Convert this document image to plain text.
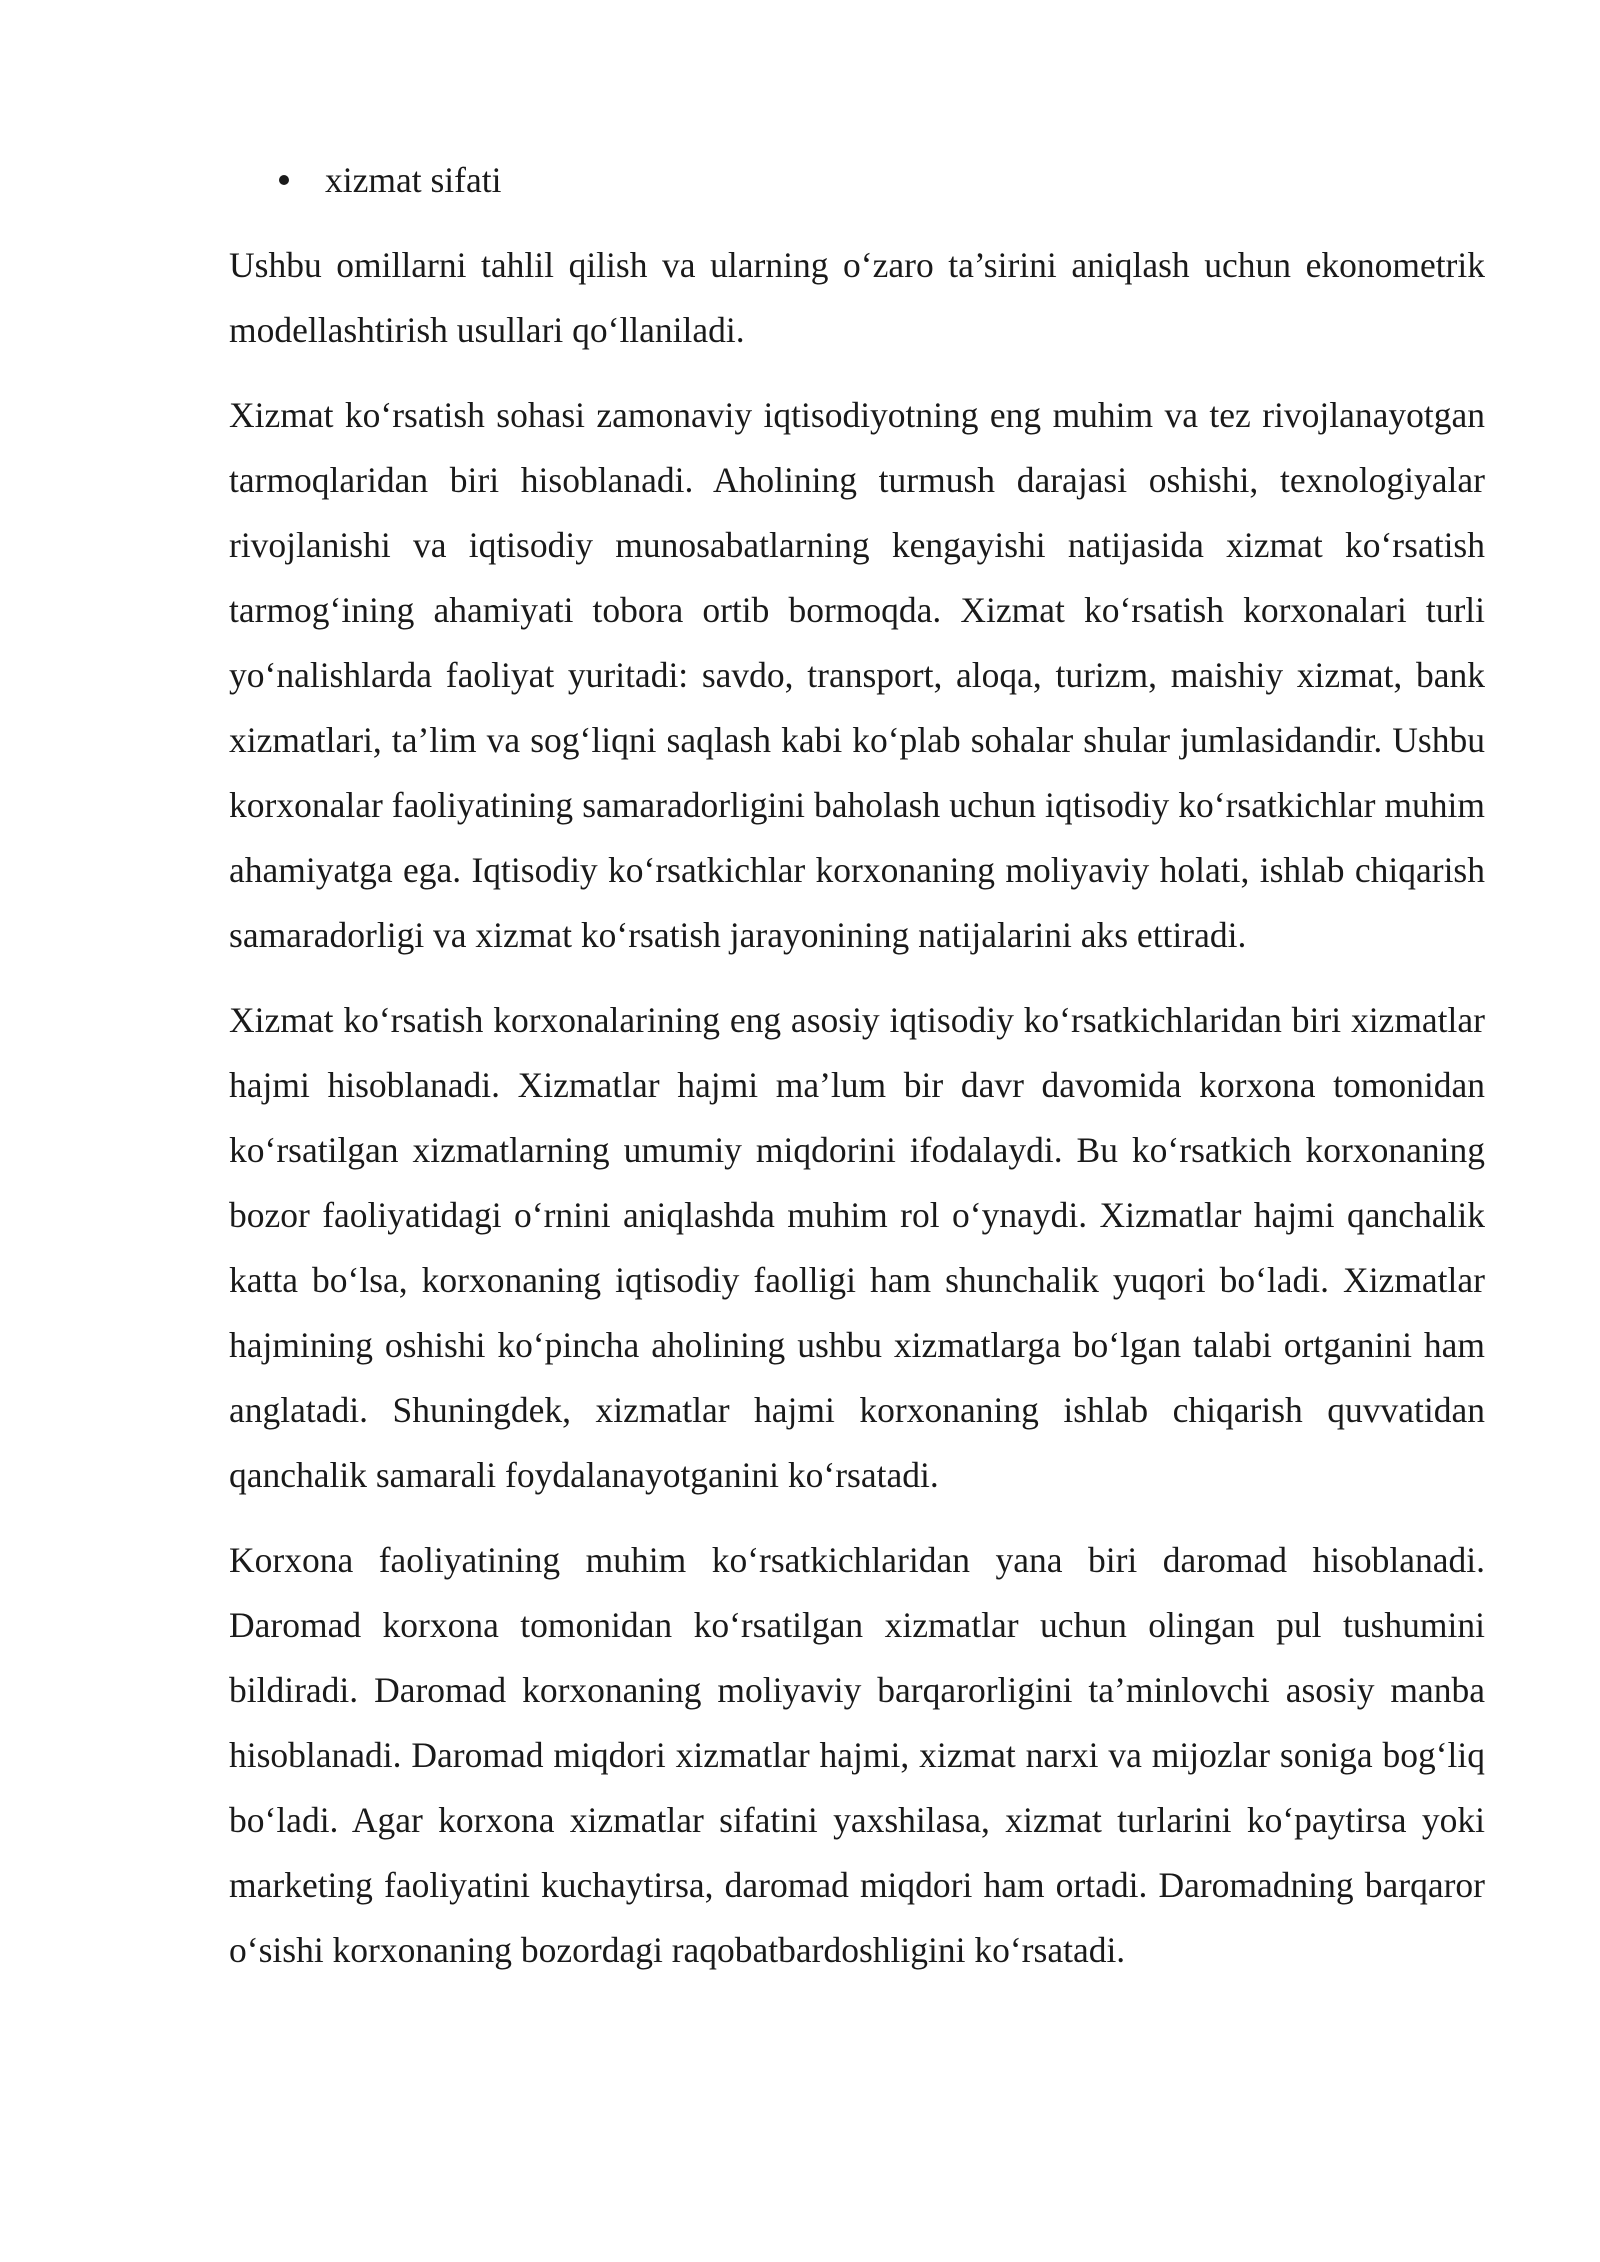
xizmat sifati

Ushbu omillarni tahlil qilish va ularning o‘zaro ta’sirini aniqlash uchun ekonometrik modellashtirish usullari qo‘llaniladi.

Xizmat ko‘rsatish sohasi zamonaviy iqtisodiyotning eng muhim va tez rivojlanayotgan tarmoqlaridan biri hisoblanadi. Aholining turmush darajasi oshishi, texnologiyalar rivojlanishi va iqtisodiy munosabatlarning kengayishi natijasida xizmat ko‘rsatish tarmog‘ining ahamiyati tobora ortib bormoqda. Xizmat ko‘rsatish korxonalari turli yo‘nalishlarda faoliyat yuritadi: savdo, transport, aloqa, turizm, maishiy xizmat, bank xizmatlari, ta’lim va sog‘liqni saqlash kabi ko‘plab sohalar shular jumlasidandir. Ushbu korxonalar faoliyatining samaradorligini baholash uchun iqtisodiy ko‘rsatkichlar muhim ahamiyatga ega. Iqtisodiy ko‘rsatkichlar korxonaning moliyaviy holati, ishlab chiqarish samaradorligi va xizmat ko‘rsatish jarayonining natijalarini aks ettiradi.

Xizmat ko‘rsatish korxonalarining eng asosiy iqtisodiy ko‘rsatkichlaridan biri xizmatlar hajmi hisoblanadi. Xizmatlar hajmi ma’lum bir davr davomida korxona tomonidan ko‘rsatilgan xizmatlarning umumiy miqdorini ifodalaydi. Bu ko‘rsatkich korxonaning bozor faoliyatidagi o‘rnini aniqlashda muhim rol o‘ynaydi. Xizmatlar hajmi qanchalik katta bo‘lsa, korxonaning iqtisodiy faolligi ham shunchalik yuqori bo‘ladi. Xizmatlar hajmining oshishi ko‘pincha aholining ushbu xizmatlarga bo‘lgan talabi ortganini ham anglatadi. Shuningdek, xizmatlar hajmi korxonaning ishlab chiqarish quvvatidan qanchalik samarali foydalanayotganini ko‘rsatadi.

Korxona faoliyatining muhim ko‘rsatkichlaridan yana biri daromad hisoblanadi. Daromad korxona tomonidan ko‘rsatilgan xizmatlar uchun olingan pul tushumini bildiradi. Daromad korxonaning moliyaviy barqarorligini ta’minlovchi asosiy manba hisoblanadi. Daromad miqdori xizmatlar hajmi, xizmat narxi va mijozlar soniga bog‘liq bo‘ladi. Agar korxona xizmatlar sifatini yaxshilasa, xizmat turlarini ko‘paytirsa yoki marketing faoliyatini kuchaytirsa, daromad miqdori ham ortadi. Daromadning barqaror o‘sishi korxonaning bozordagi raqobatbardoshligini ko‘rsatadi.
